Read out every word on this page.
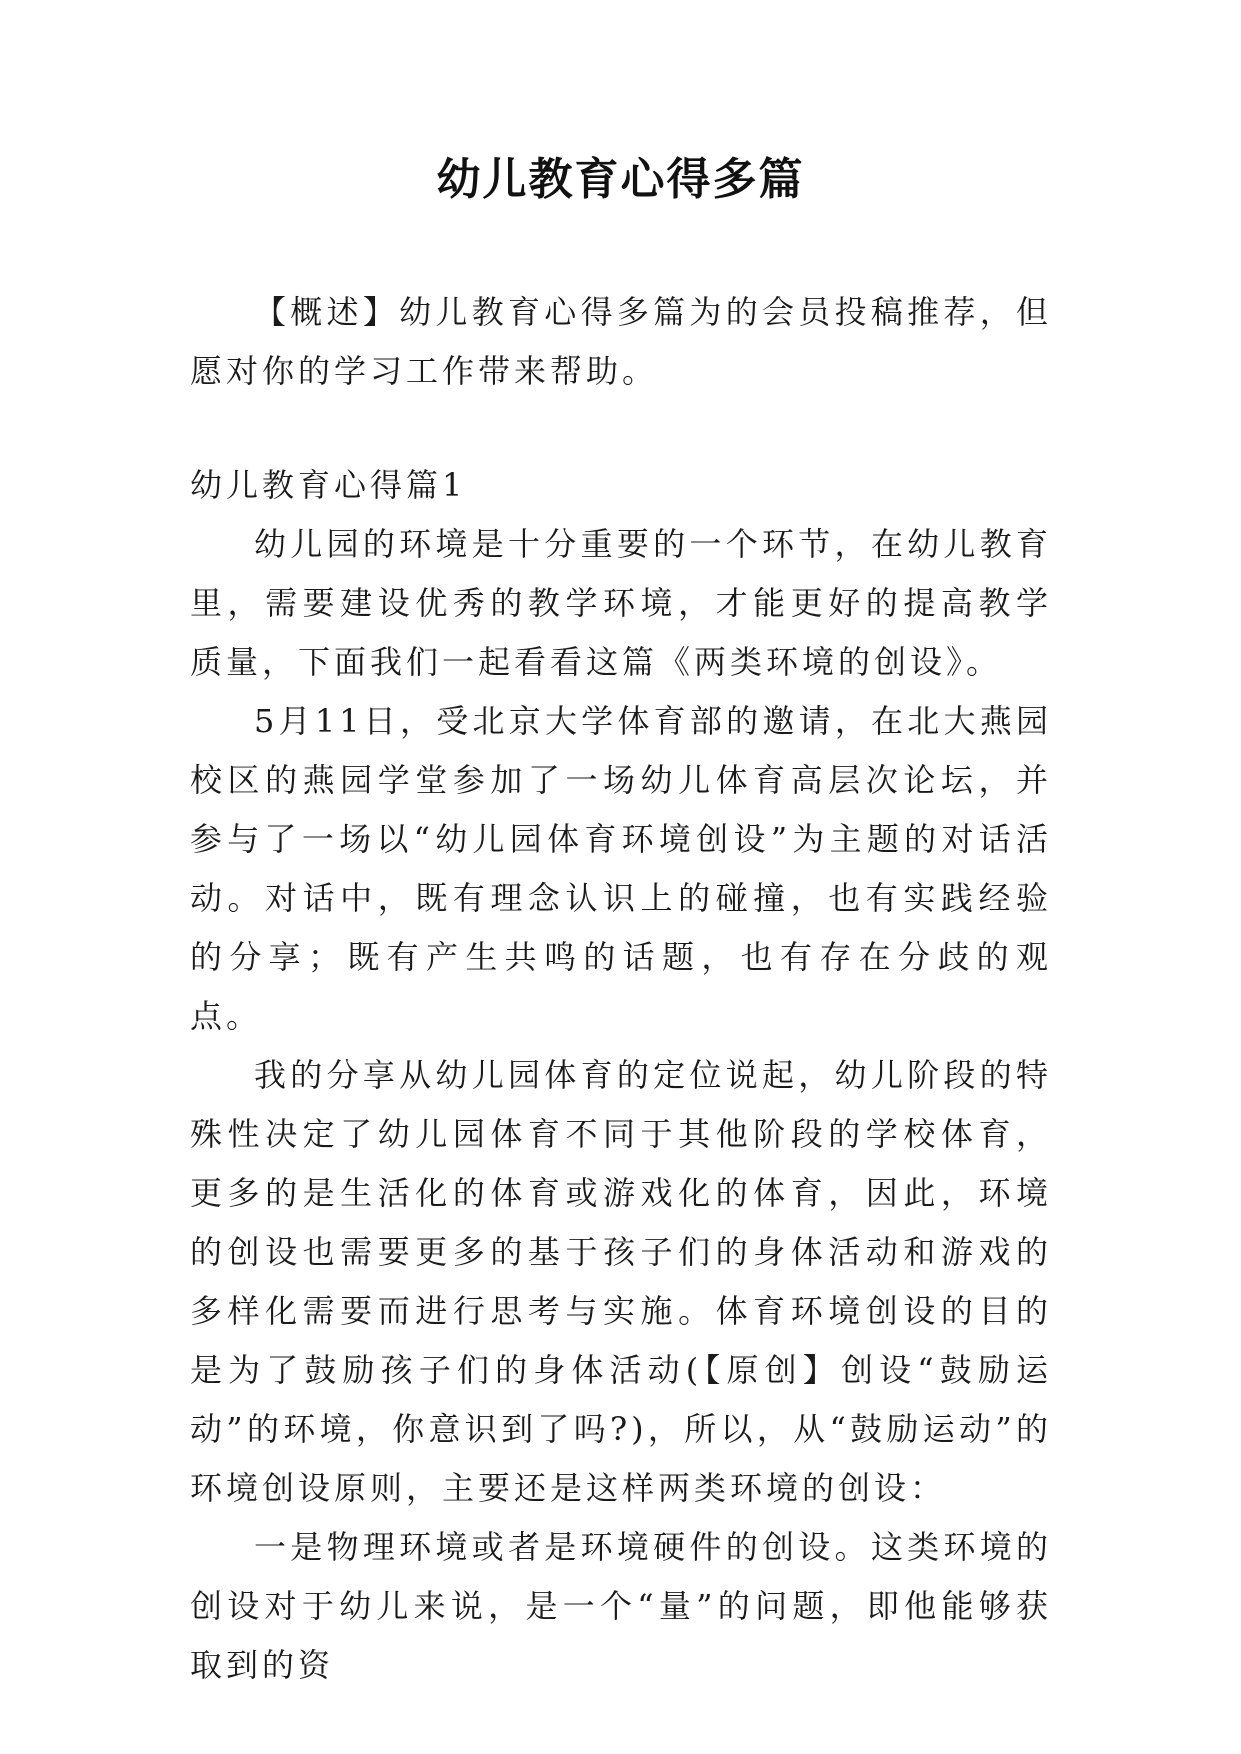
幼儿教育心得多篇

【概述】幼儿教育心得多篇为的会员投稿推荐，但愿对你的学习工作带来帮助。

幼儿教育心得篇1

幼儿园的环境是十分重要的一个环节，在幼儿教育里，需要建设优秀的教学环境，才能更好的提高教学质量，下面我们一起看看这篇《两类环境的创设》。

5月11日，受北京大学体育部的邀请，在北大燕园校区的燕园学堂参加了一场幼儿体育高层次论坛，并参与了一场以“幼儿园体育环境创设”为主题的对话活动。对话中，既有理念认识上的碰撞，也有实践经验的分享；既有产生共鸣的话题，也有存在分歧的观点。

我的分享从幼儿园体育的定位说起，幼儿阶段的特殊性决定了幼儿园体育不同于其他阶段的学校体育，更多的是生活化的体育或游戏化的体育，因此，环境的创设也需要更多的基于孩子们的身体活动和游戏的多样化需要而进行思考与实施。体育环境创设的目的是为了鼓励孩子们的身体活动(【原创】创设“鼓励运动”的环境，你意识到了吗?)，所以，从“鼓励运动”的环境创设原则，主要还是这样两类环境的创设：

一是物理环境或者是环境硬件的创设。这类环境的创设对于幼儿来说，是一个“量”的问题，即他能够获取到的资
